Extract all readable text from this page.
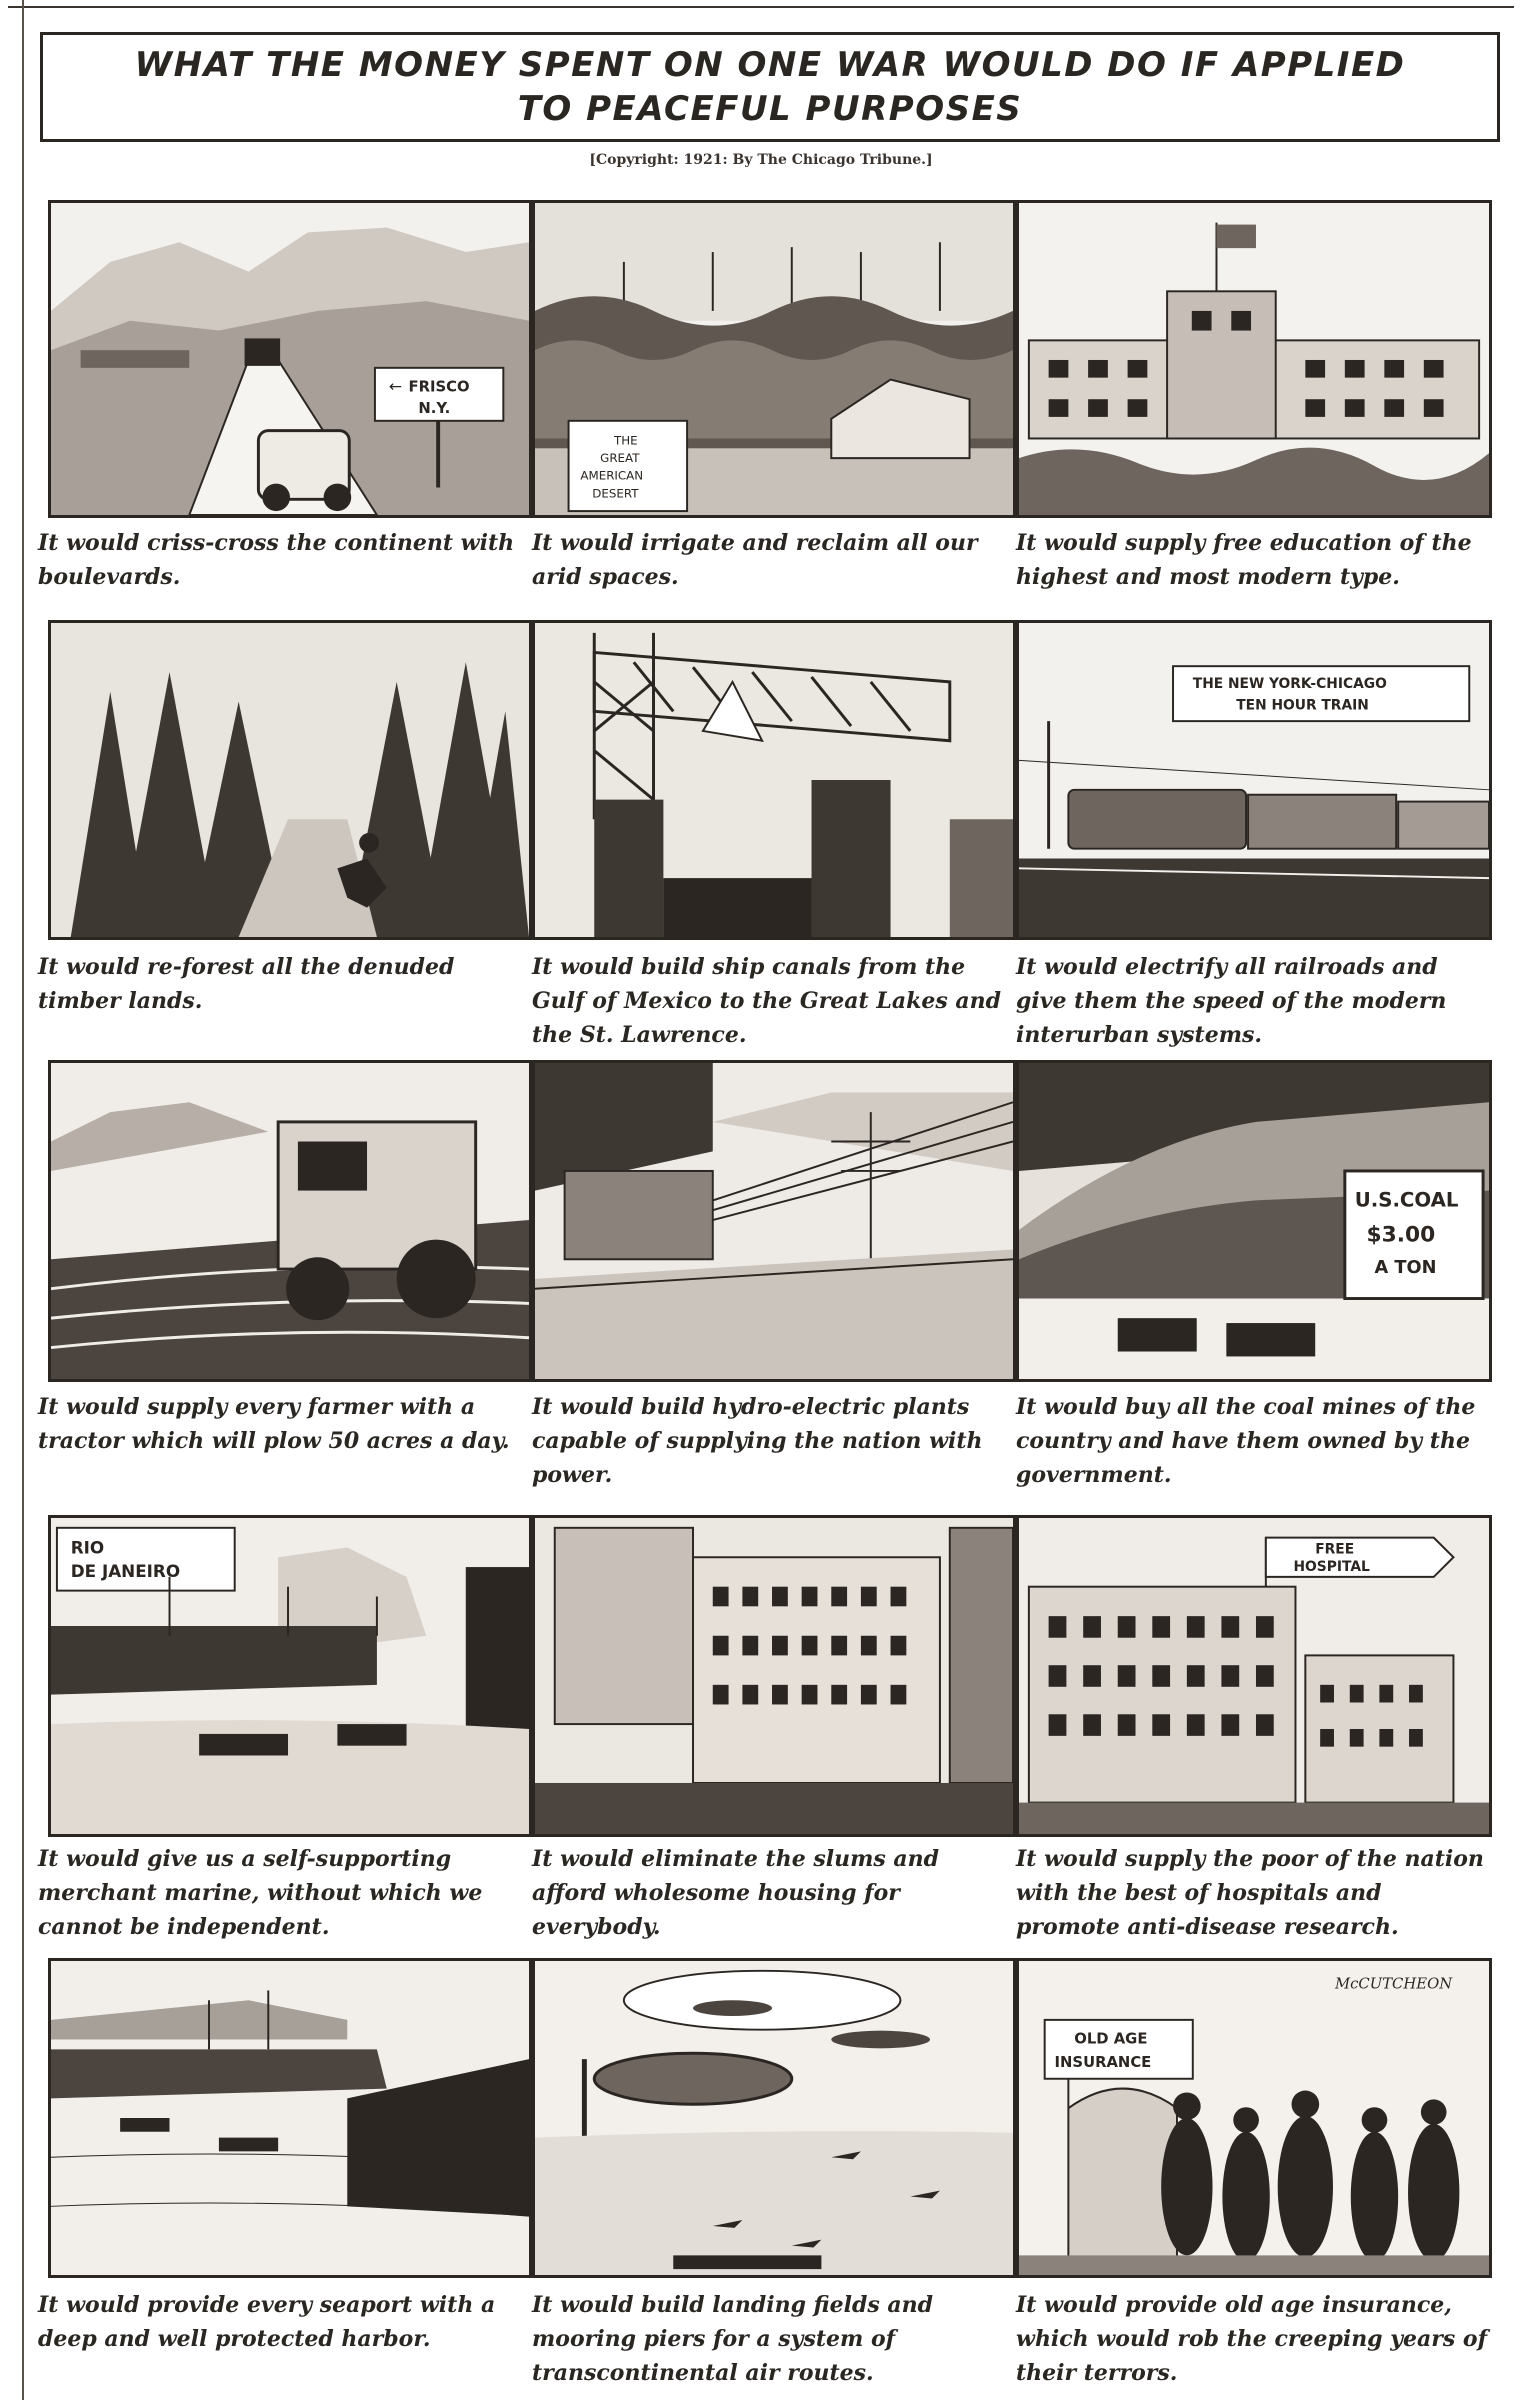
WHAT THE MONEY SPENT ON ONE WAR WOULD DO IF APPLIED
TO PEACEFUL PURPOSES
[Copyright: 1921: By The Chicago Tribune.]
← FRISCO
N.Y.

It would criss-cross the continent with boulevards.

THE
GREAT
AMERICAN
DESERT

It would irrigate and reclaim all our arid spaces.

It would supply free education of the highest and most modern type.

It would re-forest all the denuded timber lands.

It would build ship canals from the Gulf of Mexico to the Great Lakes and the St. Lawrence.

THE NEW YORK-CHICAGO
TEN HOUR TRAIN

It would electrify all railroads and give them the speed of the modern interurban systems.

It would supply every farmer with a tractor which will plow 50 acres a day.

It would build hydro-electric plants capable of supplying the nation with power.

U.S.COAL
$3.00
A TON

It would buy all the coal mines of the country and have them owned by the government.

RIO
DE JANEIRO

It would give us a self-supporting merchant marine, without which we cannot be independent.

It would eliminate the slums and afford wholesome housing for everybody.

FREE
HOSPITAL

It would supply the poor of the nation with the best of hospitals and promote anti-disease research.

It would provide every seaport with a deep and well protected harbor.

It would build landing fields and mooring piers for a system of transcontinental air routes.

McCUTCHEON
OLD AGE
INSURANCE

It would provide old age insurance, which would rob the creeping years of their terrors.
